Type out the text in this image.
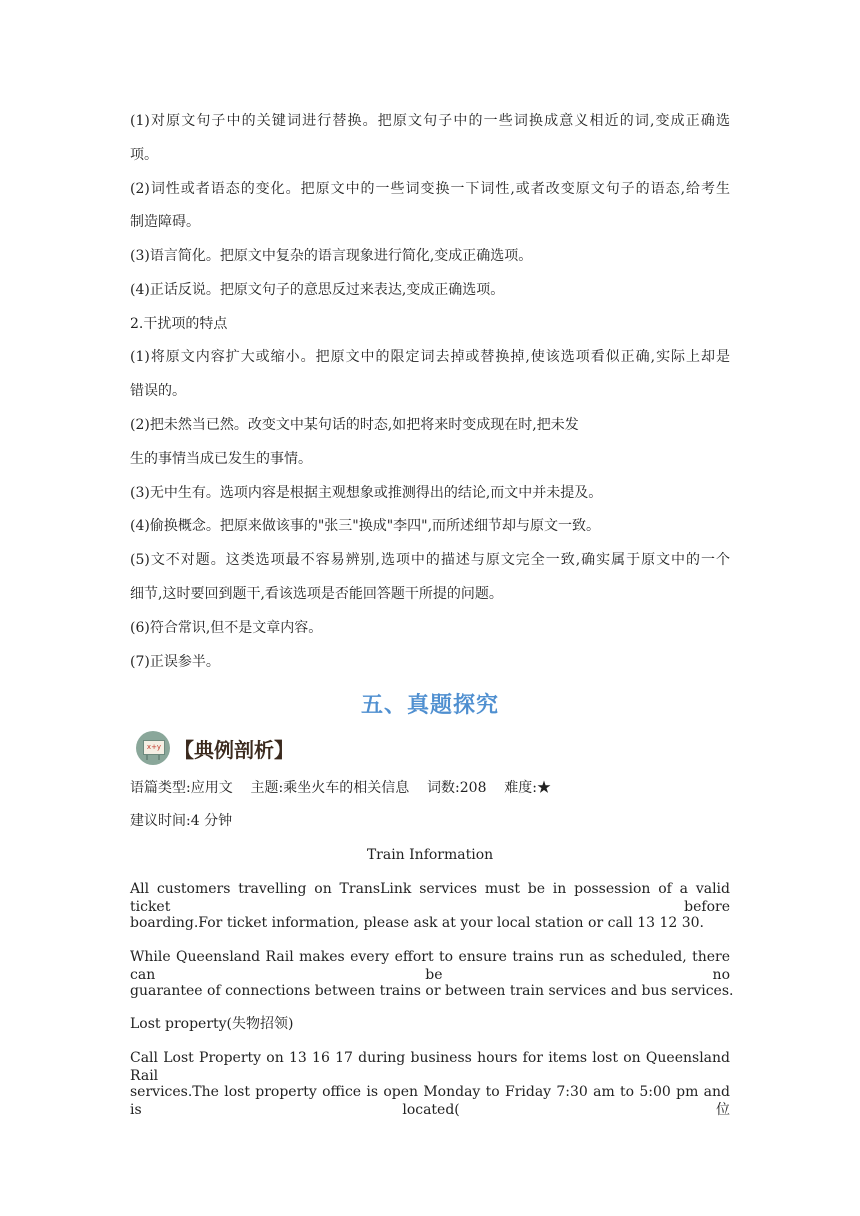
(1)对原文句子中的关键词进行替换。把原文句子中的一些词换成意义相近的词,变成正确选
项。
(2)词性或者语态的变化。把原文中的一些词变换一下词性,或者改变原文句子的语态,给考生
制造障碍。
(3)语言简化。把原文中复杂的语言现象进行简化,变成正确选项。
(4)正话反说。把原文句子的意思反过来表达,变成正确选项。
2.干扰项的特点
(1)将原文内容扩大或缩小。把原文中的限定词去掉或替换掉,使该选项看似正确,实际上却是
错误的。
(2)把未然当已然。改变文中某句话的时态,如把将来时变成现在时,把未发
生的事情当成已发生的事情。
(3)无中生有。选项内容是根据主观想象或推测得出的结论,而文中并未提及。
(4)偷换概念。把原来做该事的"张三"换成"李四",而所述细节却与原文一致。
(5)文不对题。这类选项最不容易辨别,选项中的描述与原文完全一致,确实属于原文中的一个
细节,这时要回到题干,看该选项是否能回答题干所提的问题。
(6)符合常识,但不是文章内容。
(7)正误参半。
五、真题探究
x+y 【典例剖析】
语篇类型:应用文    主题:乘坐火车的相关信息    词数:208    难度:★
建议时间:4 分钟
Train Information
All customers travelling on TransLink services must be in possession of a valid ticket before
boarding.For ticket information, please ask at your local station or call 13 12 30.
While Queensland Rail makes every effort to ensure trains run as scheduled, there can be no
guarantee of connections between trains or between train services and bus services.
Lost property(失物招领)
Call Lost Property on 13 16 17 during business hours for items lost on Queensland Rail
services.The lost property office is open Monday to Friday 7:30 am to 5:00 pm and is located(位
